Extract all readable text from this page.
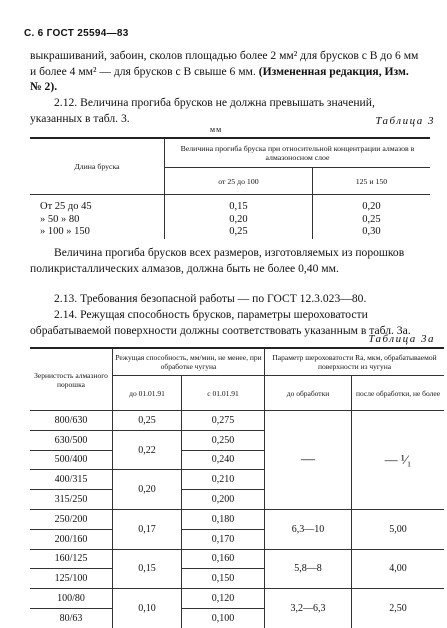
С. 6 ГОСТ 25594—83
выкрашиваний, забоин, сколов площадью более 2 мм² для брусков с B до 6 мм и более 4 мм² — для брусков с B свыше 6 мм. (Измененная редакция, Изм. № 2).
2.12. Величина прогиба брусков не должна превышать значений, указанных в табл. 3.	Таблица 3
мм
Длина бруска	Величина прогиба бруска при относительной концентрации алмазов в алмазоносном слое	
	от 25 до 100	125 и 150

От 25 до 45	0,15	0,20
» 50 » 80	0,20	0,25
» 100 » 150	0,25	0,30
Величина прогиба брусков всех размеров, изготовляемых из порошков поликристаллических алмазов, должна быть не более 0,40 мм.
2.13. Требования безопасной работы — по ГОСТ 12.3.023—80.
2.14. Режущая способность брусков, параметры шероховатости обрабатываемой поверхности должны соответствовать указанным в табл. 3а.
Таблица 3а
Зернистость алмазного порошка	Режущая способность, мм/мин, не менее, при обработке чугуна		Параметр шероховатости Ra, мкм, обрабатываемой поверхности из чугуна	
	до 01.01.91	с 01.01.91	до обработки	после обработки, не более
800/630	0,25	0,275	—	— ¹⁄₁
630/500	0,22	0,250		
500/400		0,240		
400/315	0,20	0,210		
315/250		0,200		
250/200	0,17	0,180	6,3—10	5,00
200/160		0,170		
160/125	0,15	0,160	5,8—8	4,00
125/100		0,150		
100/80	0,10	0,120	3,2—6,3	2,50
80/63		0,100		
